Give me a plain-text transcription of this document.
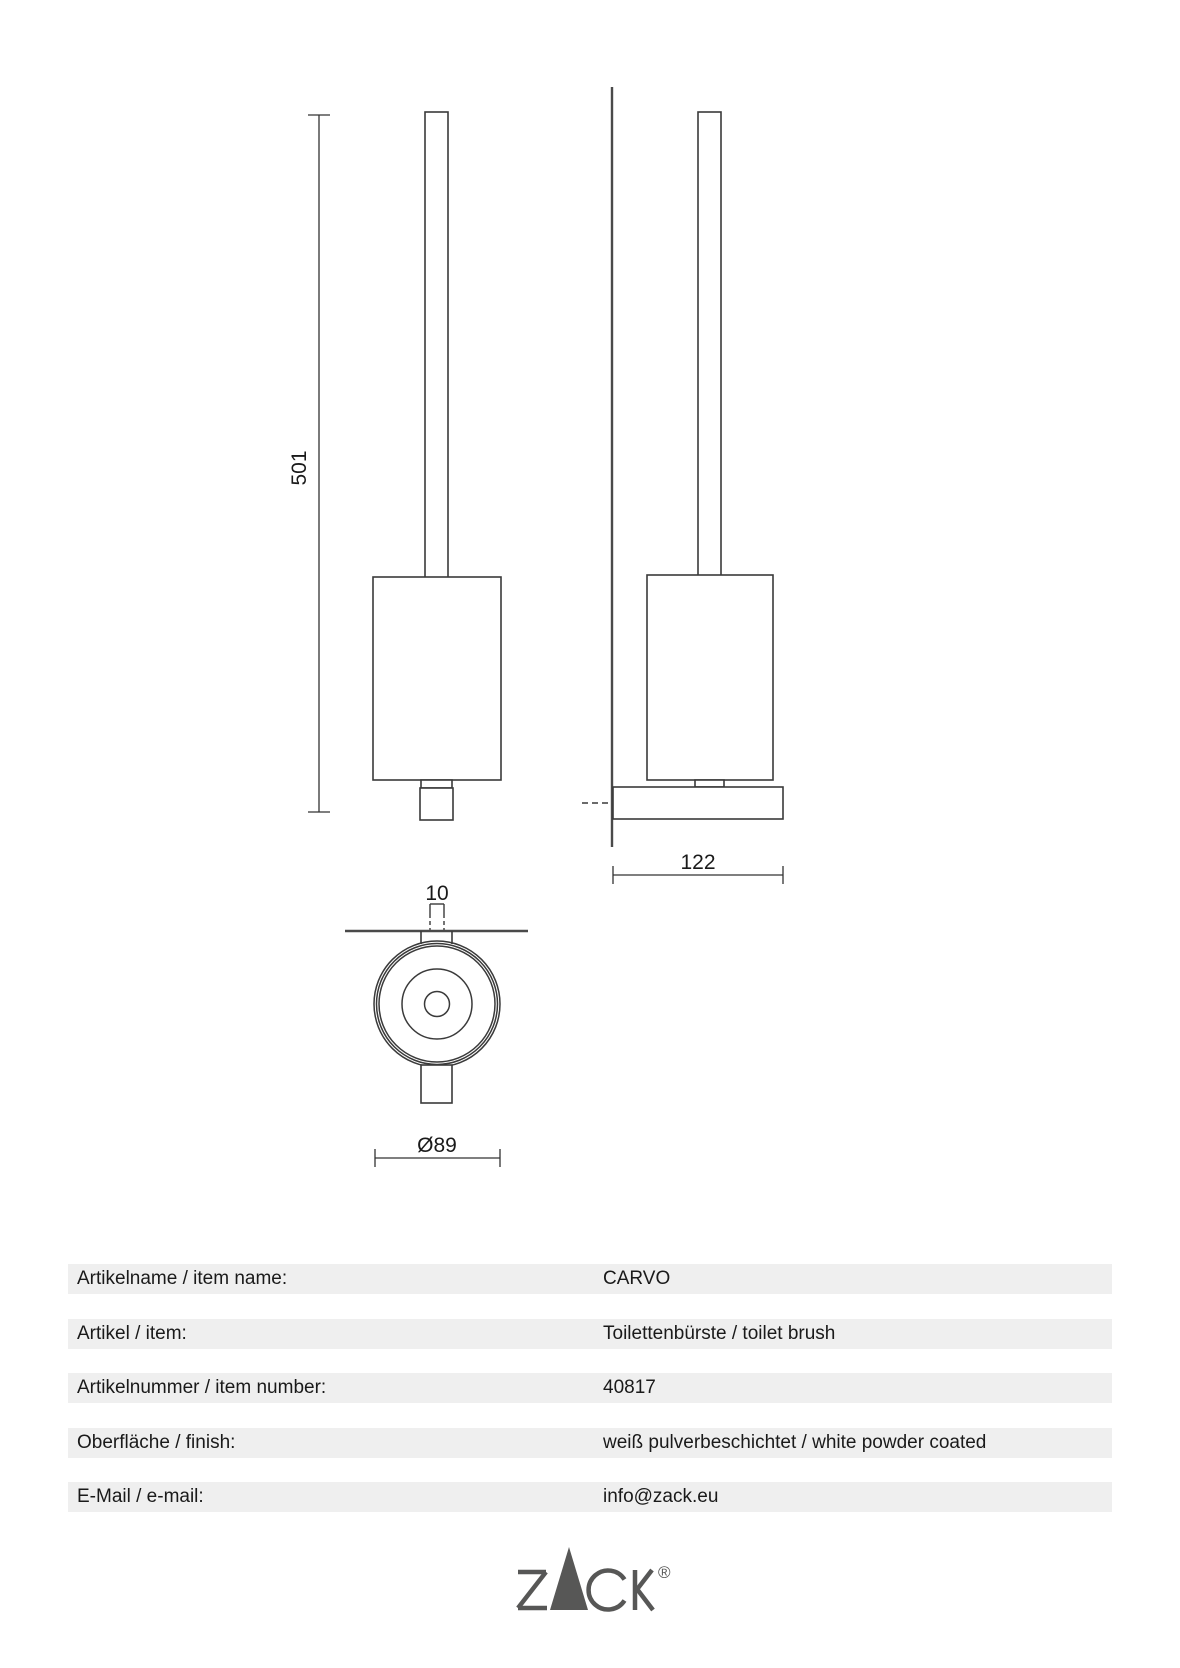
501
122
10
Ø89
Artikelname / item name:	CARVO
Artikel / item:	Toilettenbürste / toilet brush
Artikelnummer / item number:	40817
Oberfläche / finish:	weiß pulverbeschichtet / white powder coated
E-Mail / e-mail:	info@zack.eu
®
